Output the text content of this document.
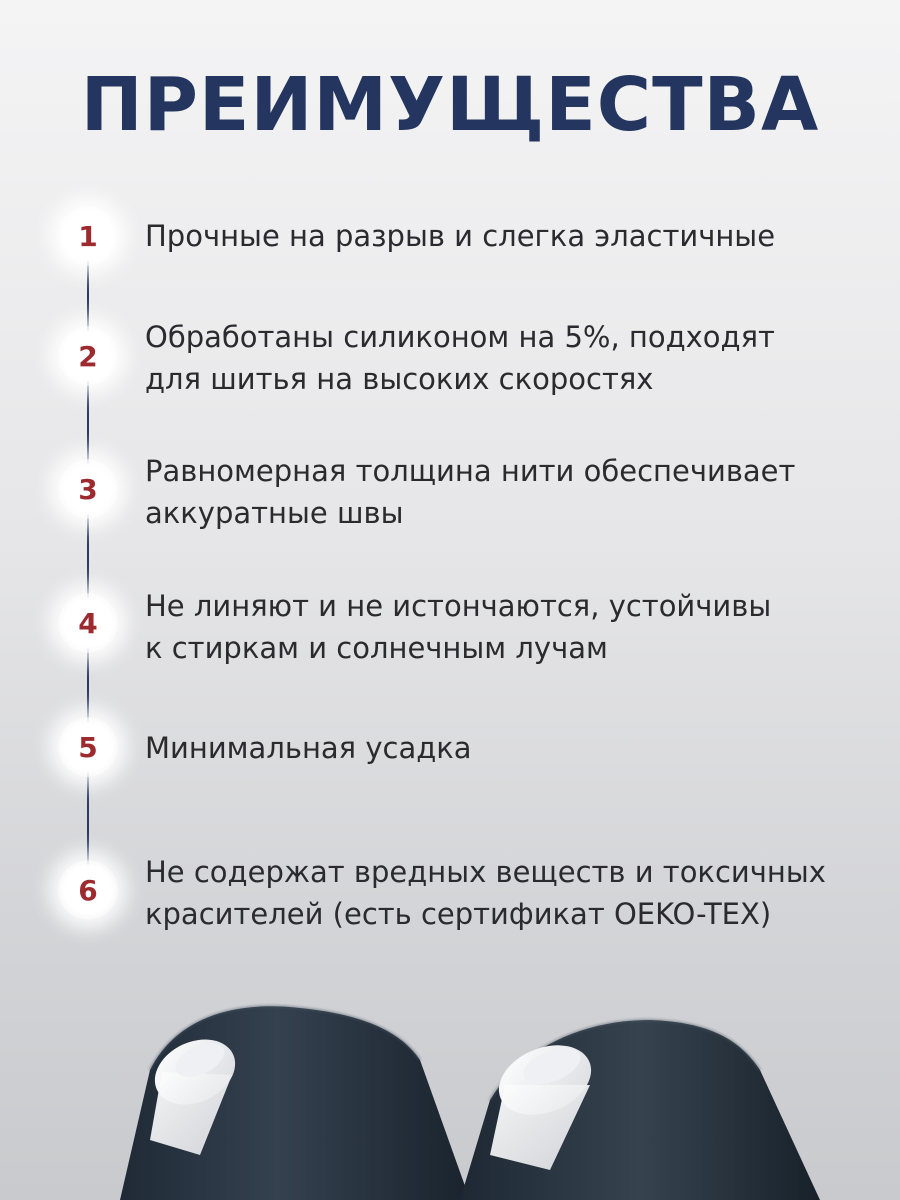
ПРЕИМУЩЕСТВА
1 Прочные на разрыв и слегка эластичные
2
Обработаны силиконом на 5%, подходят
для шитья на высоких скоростях
3
Равномерная толщина нити обеспечивает
аккуратные швы
4 Не линяют и не истончаются, устойчивы
к стиркам и солнечным лучам
5 Минимальная усадка
6
Не содержат вредных веществ и токсичных
красителей (есть сертификат OEKO-TEX)
